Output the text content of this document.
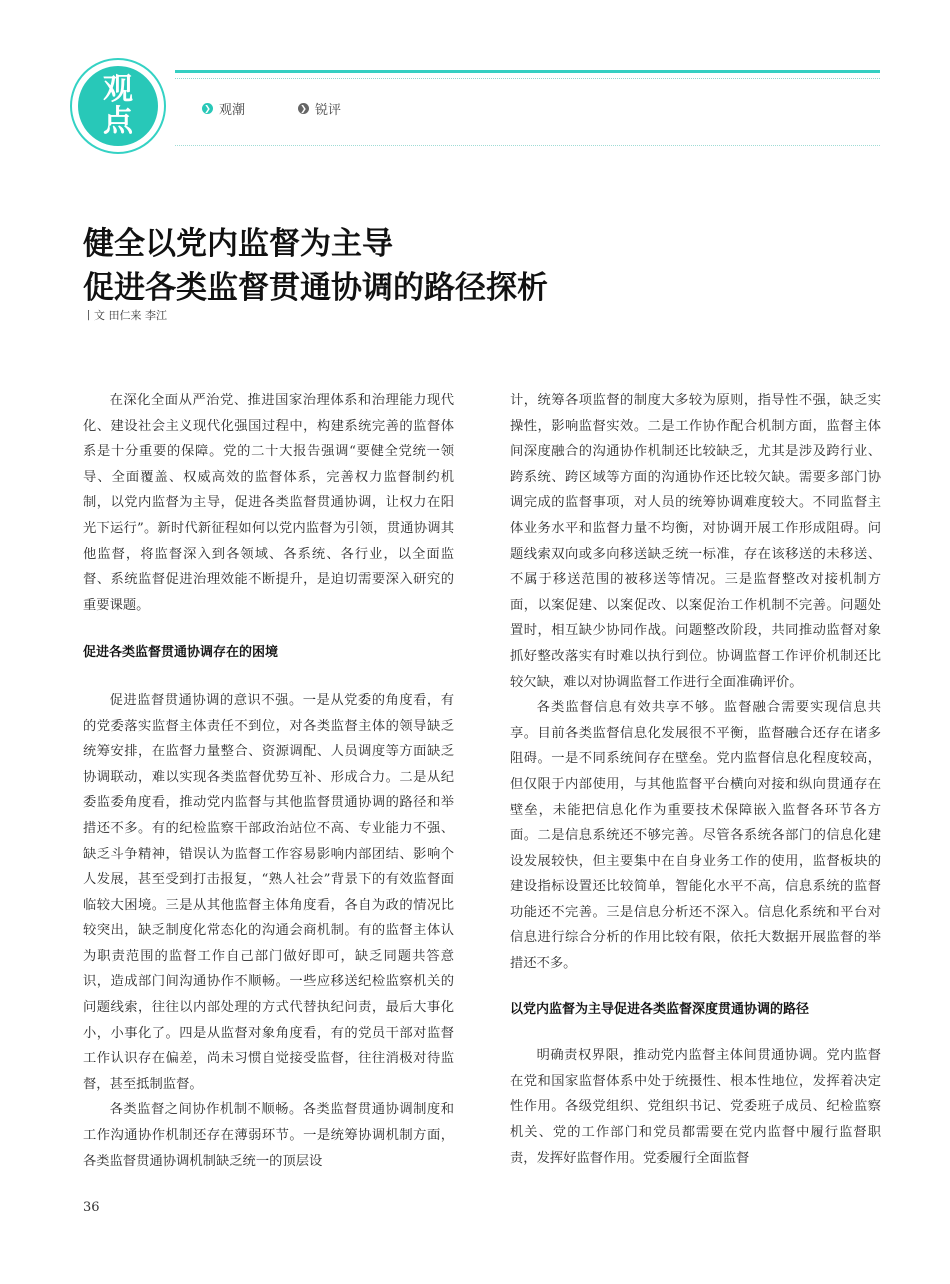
观
点	❯ 观潮	❯ 锐评
健全以党内监督为主导
促进各类监督贯通协调的路径探析
丨文 田仁来 李江

在深化全面从严治党、推进国家治理体系和治理能力现代化、建设社会主义现代化强国过程中，构建系统完善的监督体系是十分重要的保障。党的二十大报告强调“要健全党统一领导、全面覆盖、权威高效的监督体系，完善权力监督制约机制，以党内监督为主导，促进各类监督贯通协调，让权力在阳光下运行”。新时代新征程如何以党内监督为引领，贯通协调其他监督，将监督深入到各领域、各系统、各行业，以全面监督、系统监督促进治理效能不断提升，是迫切需要深入研究的重要课题。

促进各类监督贯通协调存在的困境

促进监督贯通协调的意识不强。一是从党委的角度看，有的党委落实监督主体责任不到位，对各类监督主体的领导缺乏统筹安排，在监督力量整合、资源调配、人员调度等方面缺乏协调联动，难以实现各类监督优势互补、形成合力。二是从纪委监委角度看，推动党内监督与其他监督贯通协调的路径和举措还不多。有的纪检监察干部政治站位不高、专业能力不强、缺乏斗争精神，错误认为监督工作容易影响内部团结、影响个人发展，甚至受到打击报复，“熟人社会”背景下的有效监督面临较大困境。三是从其他监督主体角度看，各自为政的情况比较突出，缺乏制度化常态化的沟通会商机制。有的监督主体认为职责范围的监督工作自己部门做好即可，缺乏同题共答意识，造成部门间沟通协作不顺畅。一些应移送纪检监察机关的问题线索，往往以内部处理的方式代替执纪问责，最后大事化小，小事化了。四是从监督对象角度看，有的党员干部对监督工作认识存在偏差，尚未习惯自觉接受监督，往往消极对待监督，甚至抵制监督。

各类监督之间协作机制不顺畅。各类监督贯通协调制度和工作沟通协作机制还存在薄弱环节。一是统筹协调机制方面，各类监督贯通协调机制缺乏统一的顶层设

计，统筹各项监督的制度大多较为原则，指导性不强，缺乏实操性，影响监督实效。二是工作协作配合机制方面，监督主体间深度融合的沟通协作机制还比较缺乏，尤其是涉及跨行业、跨系统、跨区域等方面的沟通协作还比较欠缺。需要多部门协调完成的监督事项，对人员的统筹协调难度较大。不同监督主体业务水平和监督力量不均衡，对协调开展工作形成阻碍。问题线索双向或多向移送缺乏统一标准，存在该移送的未移送、不属于移送范围的被移送等情况。三是监督整改对接机制方面，以案促建、以案促改、以案促治工作机制不完善。问题处置时，相互缺少协同作战。问题整改阶段，共同推动监督对象抓好整改落实有时难以执行到位。协调监督工作评价机制还比较欠缺，难以对协调监督工作进行全面准确评价。

各类监督信息有效共享不够。监督融合需要实现信息共享。目前各类监督信息化发展很不平衡，监督融合还存在诸多阻碍。一是不同系统间存在壁垒。党内监督信息化程度较高，但仅限于内部使用，与其他监督平台横向对接和纵向贯通存在壁垒，未能把信息化作为重要技术保障嵌入监督各环节各方面。二是信息系统还不够完善。尽管各系统各部门的信息化建设发展较快，但主要集中在自身业务工作的使用，监督板块的建设指标设置还比较简单，智能化水平不高，信息系统的监督功能还不完善。三是信息分析还不深入。信息化系统和平台对信息进行综合分析的作用比较有限，依托大数据开展监督的举措还不多。

以党内监督为主导促进各类监督深度贯通协调的路径

明确责权界限，推动党内监督主体间贯通协调。党内监督在党和国家监督体系中处于统摄性、根本性地位，发挥着决定性作用。各级党组织、党组织书记、党委班子成员、纪检监察机关、党的工作部门和党员都需要在党内监督中履行监督职责，发挥好监督作用。党委履行全面监督

36
